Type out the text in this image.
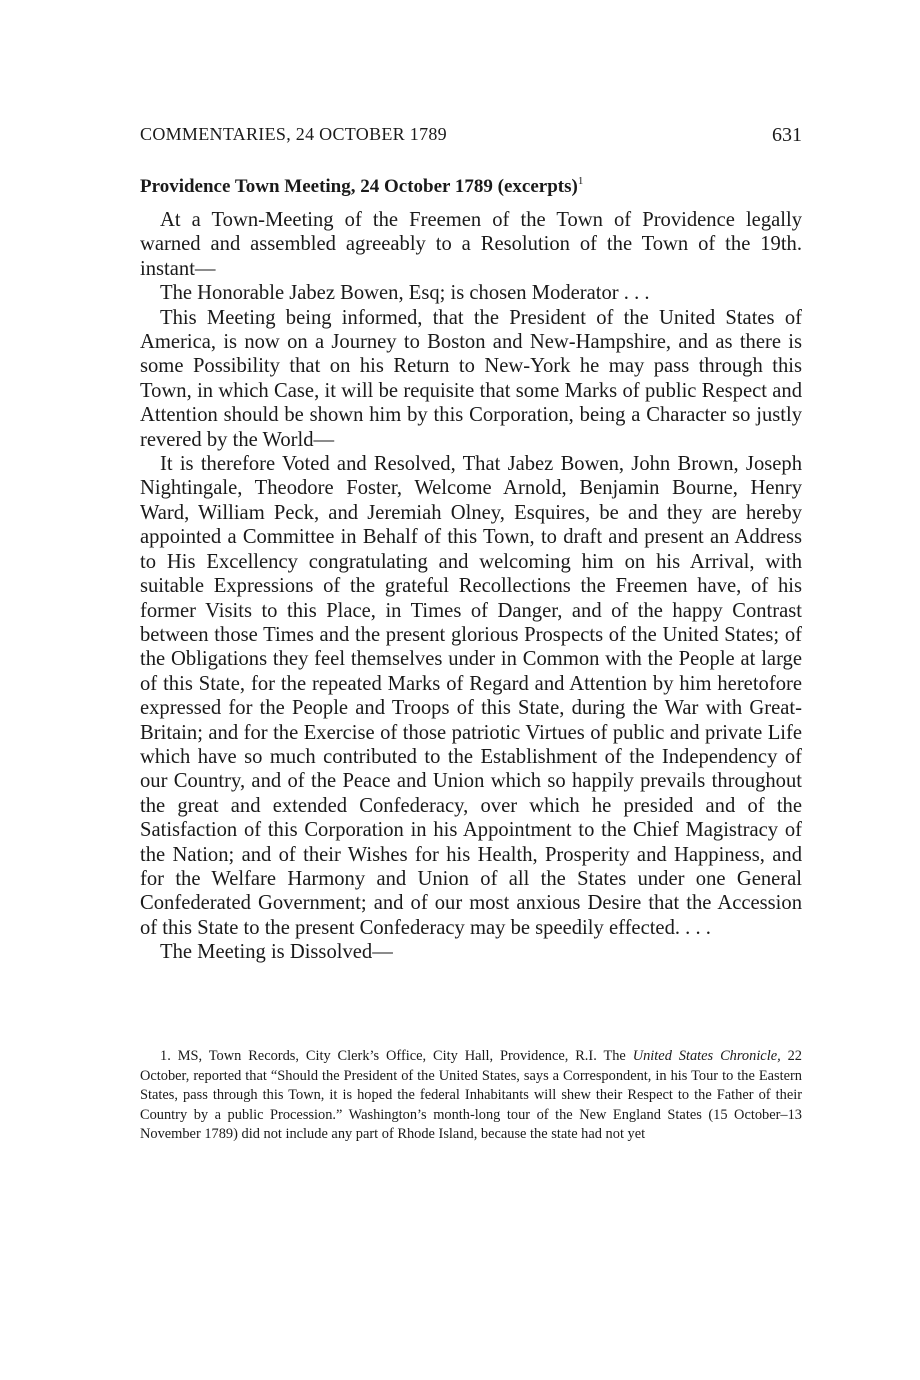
COMMENTARIES, 24 OCTOBER 1789	631
Providence Town Meeting, 24 October 1789 (excerpts)$^1$

At a Town-Meeting of the Freemen of the Town of Providence legally warned and assembled agreeably to a Resolution of the Town of the 19th. instant—

The Honorable Jabez Bowen, Esq; is chosen Moderator . . .

This Meeting being informed, that the President of the United States of America, is now on a Journey to Boston and New-Hampshire, and as there is some Possibility that on his Return to New-York he may pass through this Town, in which Case, it will be requisite that some Marks of public Respect and Attention should be shown him by this Corporation, being a Character so justly revered by the World—

It is therefore Voted and Resolved, That Jabez Bowen, John Brown, Joseph Nightingale, Theodore Foster, Welcome Arnold, Benjamin Bourne, Henry Ward, William Peck, and Jeremiah Olney, Esquires, be and they are hereby appointed a Committee in Behalf of this Town, to draft and present an Address to His Excellency congratulating and welcoming him on his Arrival, with suitable Expressions of the grateful Recollections the Freemen have, of his former Visits to this Place, in Times of Danger, and of the happy Contrast between those Times and the present glorious Prospects of the United States; of the Obligations they feel themselves under in Common with the People at large of this State, for the repeated Marks of Regard and Attention by him heretofore expressed for the People and Troops of this State, during the War with Great-Britain; and for the Exercise of those patriotic Virtues of public and private Life which have so much contributed to the Establishment of the Independency of our Country, and of the Peace and Union which so happily prevails throughout the great and extended Confederacy, over which he presided and of the Satisfaction of this Corporation in his Appointment to the Chief Magistracy of the Nation; and of their Wishes for his Health, Prosperity and Happiness, and for the Welfare Harmony and Union of all the States under one General Confederated Government; and of our most anxious Desire that the Accession of this State to the present Confederacy may be speedily effected. . . .

The Meeting is Dissolved—

1. MS, Town Records, City Clerk’s Office, City Hall, Providence, R.I. The United States Chronicle, 22 October, reported that “Should the President of the United States, says a Correspondent, in his Tour to the Eastern States, pass through this Town, it is hoped the federal Inhabitants will shew their Respect to the Father of their Country by a public Procession.” Washington’s month-long tour of the New England States (15 October–13 November 1789) did not include any part of Rhode Island, because the state had not yet
